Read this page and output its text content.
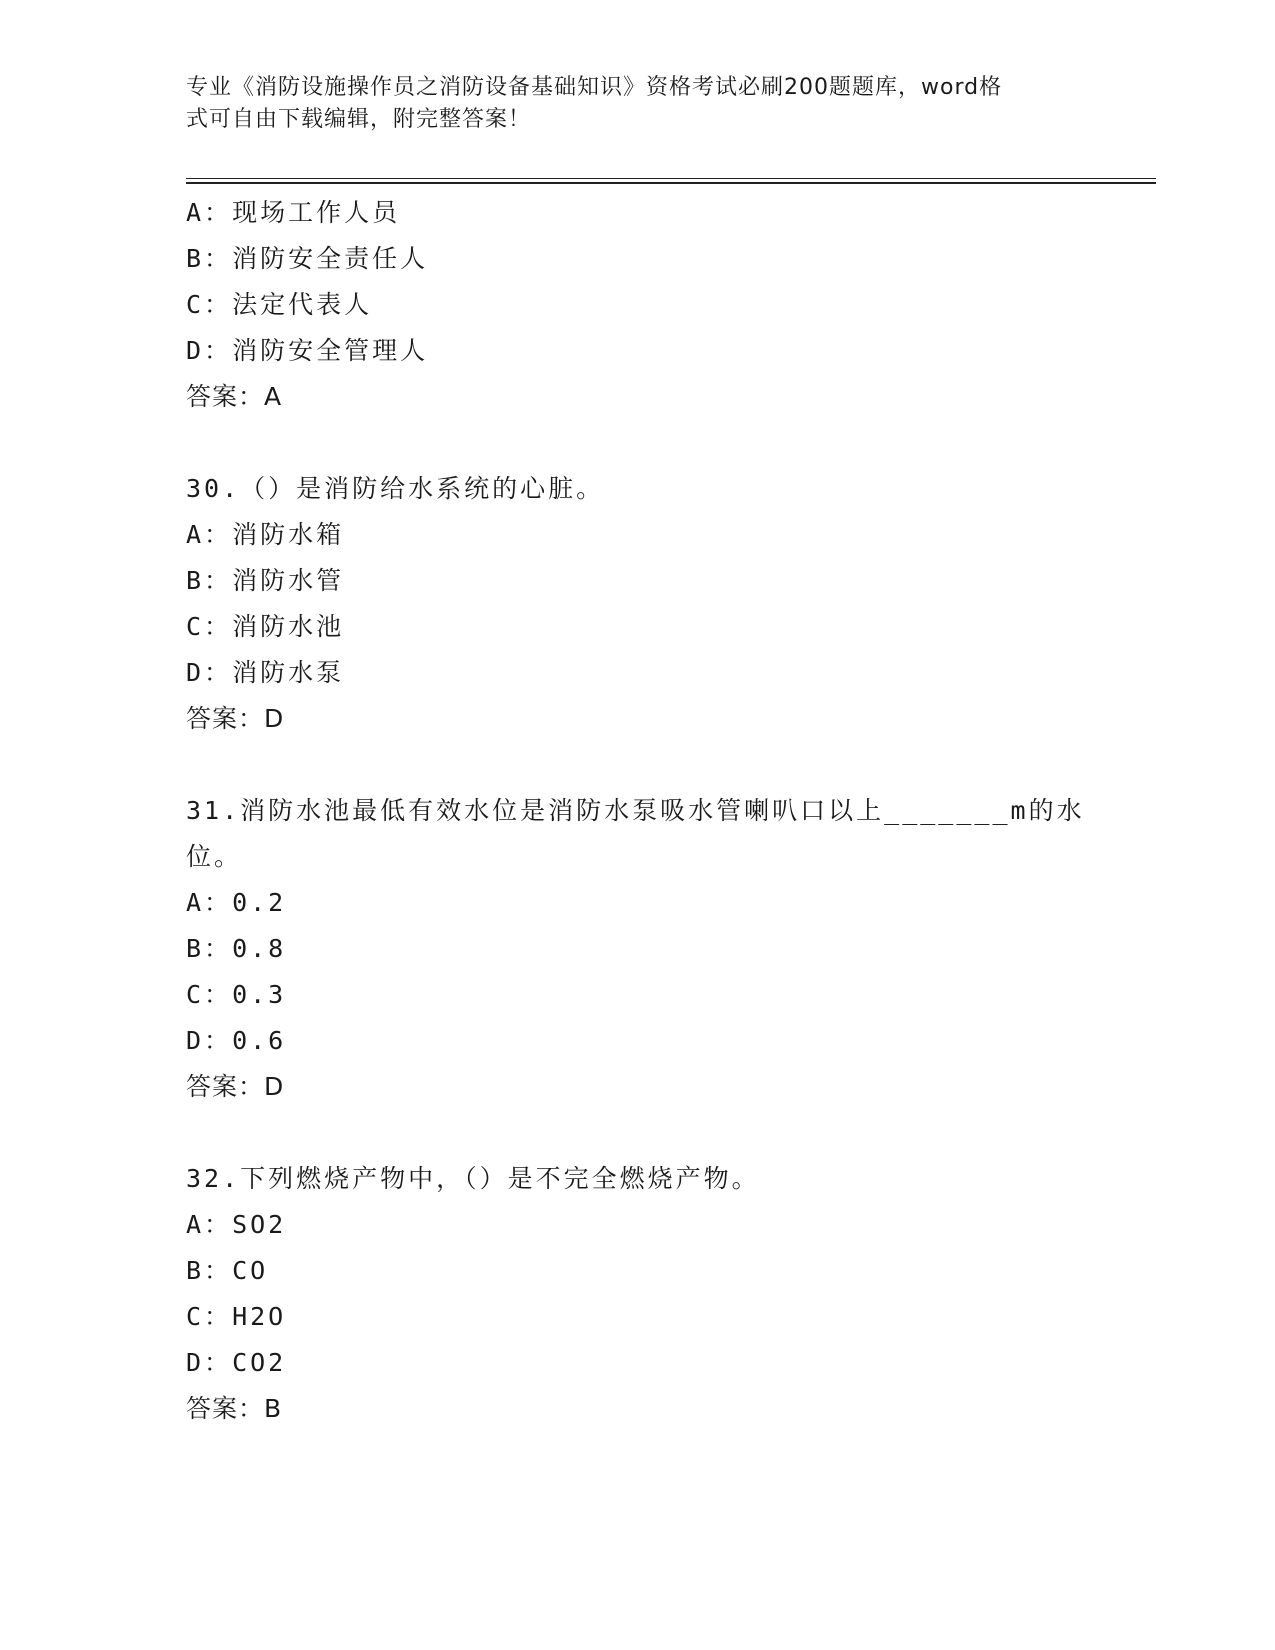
专业《消防设施操作员之消防设备基础知识》资格考试必刷200题题库，word格
式可自由下载编辑，附完整答案！
A：现场工作人员
B：消防安全责任人
C：法定代表人
D：消防安全管理人
答案：A
30.（）是消防给水系统的心脏。
A：消防水箱
B：消防水管
C：消防水池
D：消防水泵
答案：D
31.消防水池最低有效水位是消防水泵吸水管喇叭口以上_______m的水
位。
A：0.2
B：0.8
C：0.3
D：0.6
答案：D
32.下列燃烧产物中，（）是不完全燃烧产物。
A：SO2
B：CO
C：H2O
D：CO2
答案：B
